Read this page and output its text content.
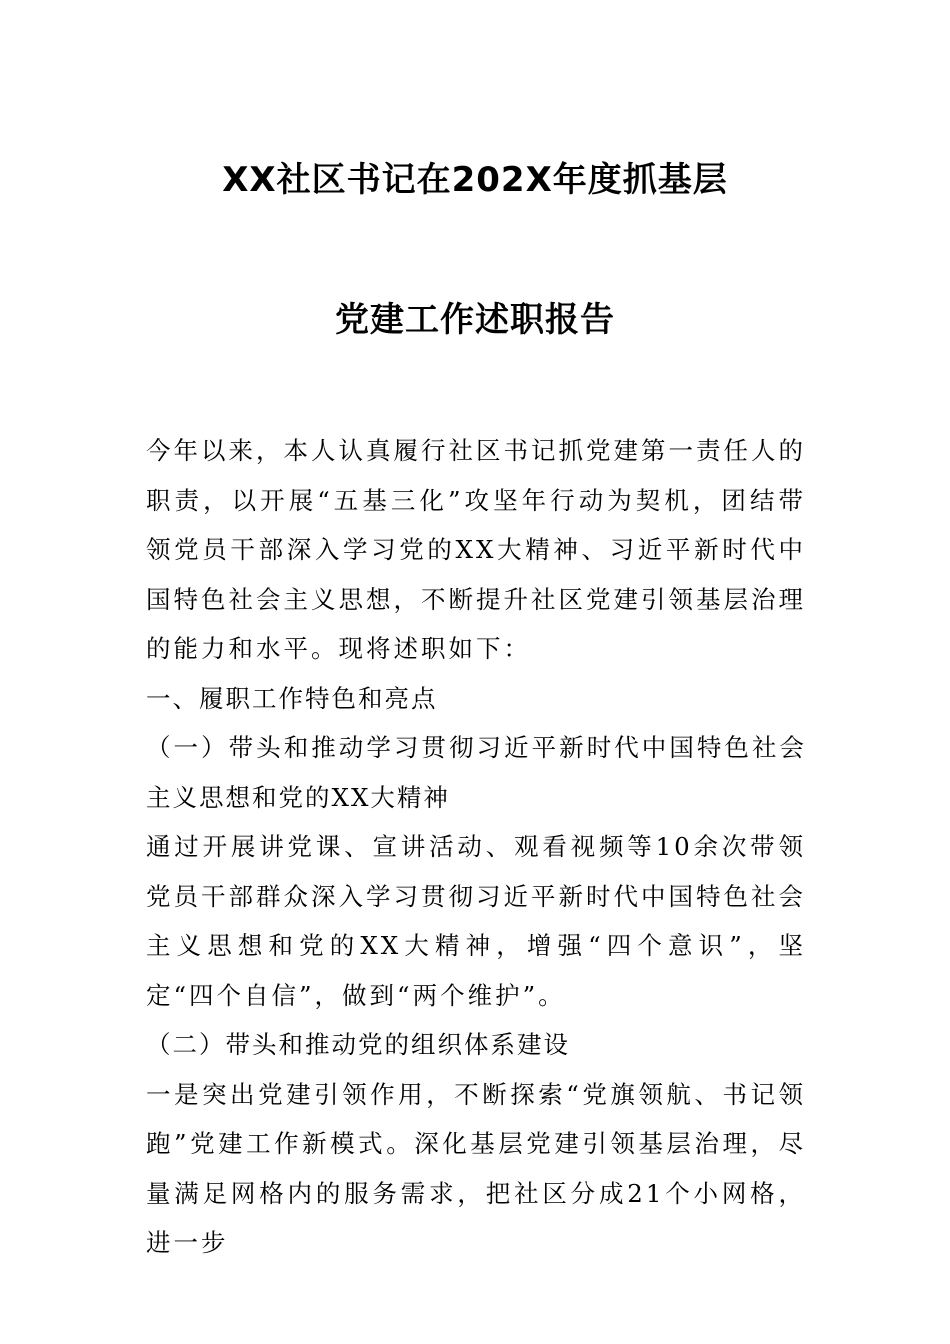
XX社区书记在202X年度抓基层
党建工作述职报告

今年以来，本人认真履行社区书记抓党建第一责任人的职责，以开展“五基三化”攻坚年行动为契机，团结带领党员干部深入学习党的XX大精神、习近平新时代中国特色社会主义思想，不断提升社区党建引领基层治理的能力和水平。现将述职如下：

一、履职工作特色和亮点

（一）带头和推动学习贯彻习近平新时代中国特色社会主义思想和党的XX大精神

通过开展讲党课、宣讲活动、观看视频等10余次带领党员干部群众深入学习贯彻习近平新时代中国特色社会主义思想和党的XX大精神，增强“四个意识”，坚定“四个自信”，做到“两个维护”。

（二）带头和推动党的组织体系建设

一是突出党建引领作用，不断探索“党旗领航、书记领跑”党建工作新模式。深化基层党建引领基层治理，尽量满足网格内的服务需求，把社区分成21个小网格，进一步
